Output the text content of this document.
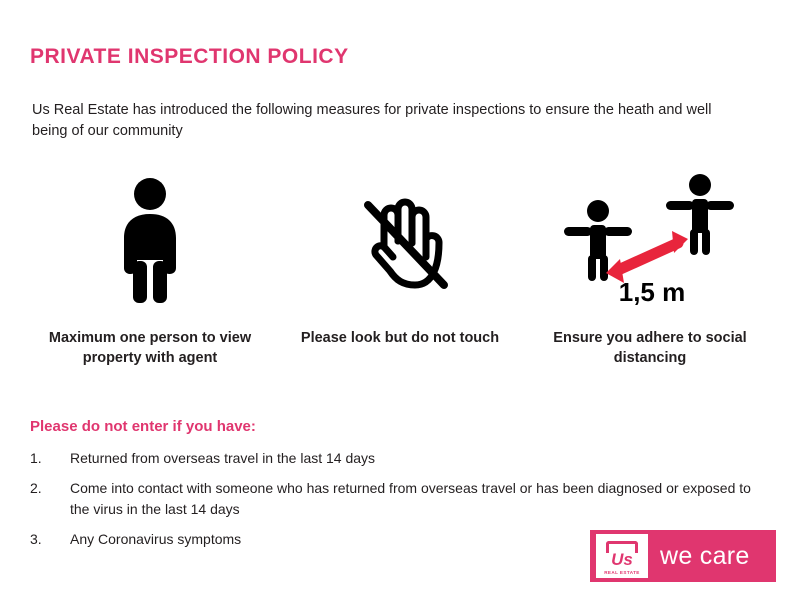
PRIVATE INSPECTION POLICY
Us Real Estate has introduced the following measures for private inspections to ensure the heath and well being of our community
Maximum one person to view property with agent
Please look but do not touch
1,5 m
Ensure you adhere to social distancing
Please do not enter if you have:
1.	Returned from overseas travel in the last 14 days
2.	Come into contact with someone who has returned from overseas travel or has been diagnosed or exposed to the virus in the last 14 days
3.	Any Coronavirus symptoms
Us
REAL ESTATE
we care
